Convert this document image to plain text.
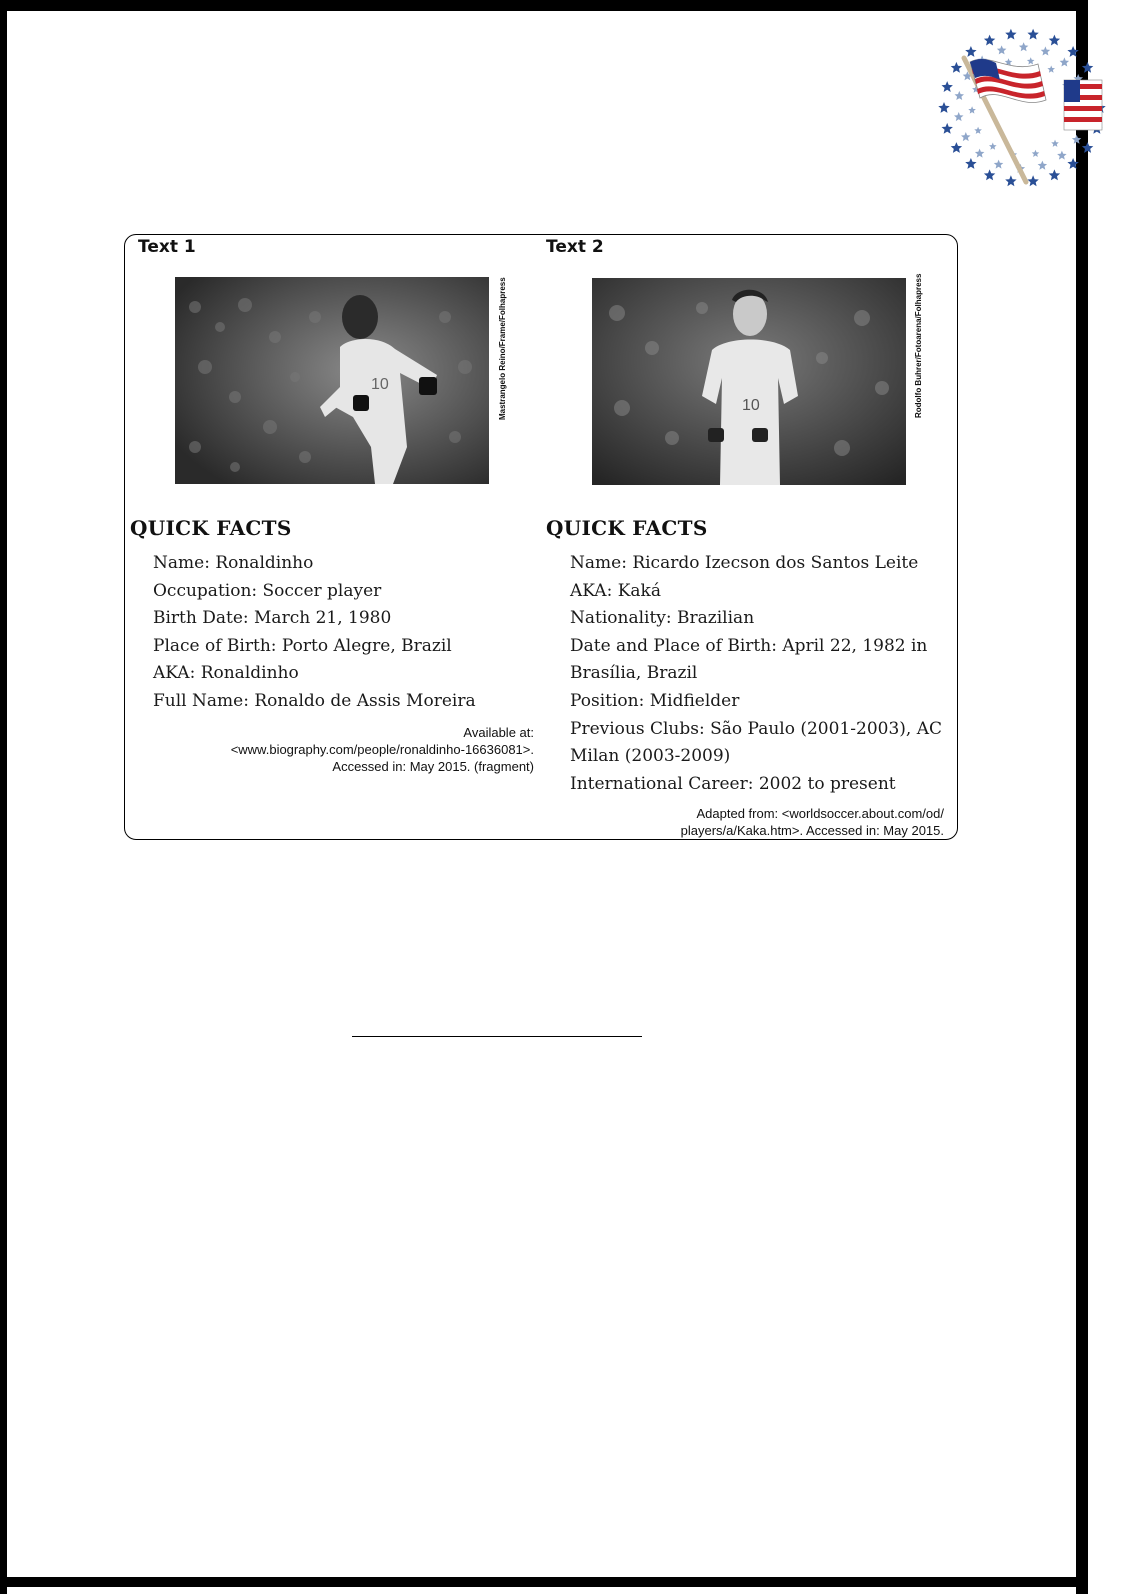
Text 1
10	Mastrangelo Reino/Frame/Folhapress
QUICK FACTS
Name: Ronaldinho
Occupation: Soccer player
Birth Date: March 21, 1980
Place of Birth: Porto Alegre, Brazil
AKA: Ronaldinho
Full Name: Ronaldo de Assis Moreira
Available at:
<www.biography.com/people/ronaldinho-16636081>.
Accessed in: May 2015. (fragment)
Text 2
10	Rodolfo Buhrer/Fotoarena/Folhapress
QUICK FACTS
Name: Ricardo Izecson dos Santos Leite
AKA: Kaká
Nationality: Brazilian
Date and Place of Birth: April 22, 1982 in
Brasília, Brazil
Position: Midfielder
Previous Clubs: São Paulo (2001-2003), AC
Milan (2003-2009)
International Career: 2002 to present
Adapted from: <worldsoccer.about.com/od/
players/a/Kaka.htm>. Accessed in: May 2015.
